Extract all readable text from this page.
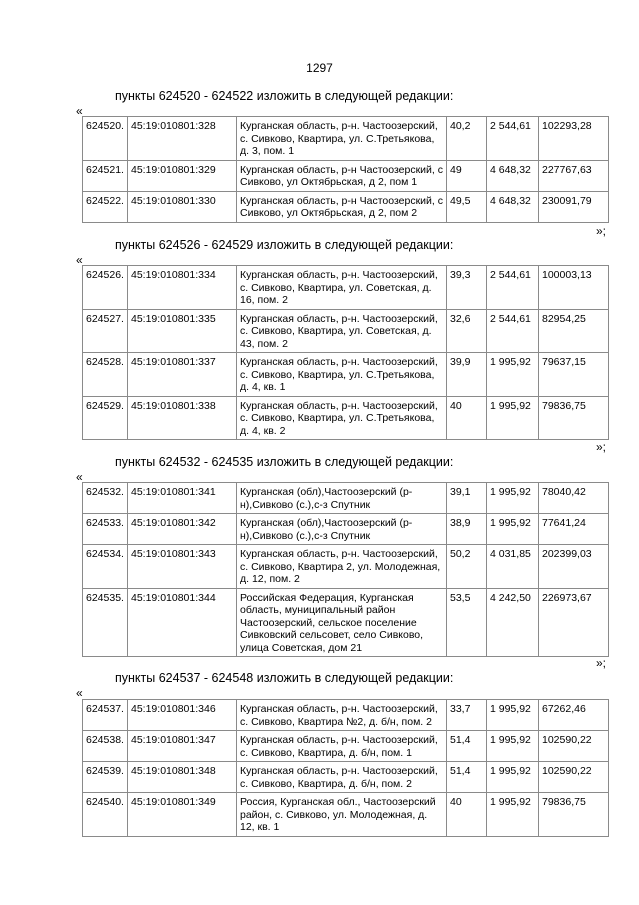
1297
пункты 624520 - 624522 изложить в следующей редакции:
«
624520.	45:19:010801:328	Курганская область, р-н. Частоозерский, с. Сивково, Квартира, ул. С.Третьякова, д. 3, пом. 1	40,2	2 544,61	102293,28
624521.	45:19:010801:329	Курганская область, р-н Частоозерский, с Сивково, ул Октябрьская, д 2, пом 1	49	4 648,32	227767,63
624522.	45:19:010801:330	Курганская область, р-н Частоозерский, с Сивково, ул Октябрьская, д 2, пом 2	49,5	4 648,32	230091,79
»;
пункты 624526 - 624529 изложить в следующей редакции:
«
624526.	45:19:010801:334	Курганская область, р-н. Частоозерский, с. Сивково, Квартира, ул. Советская, д. 16, пом. 2	39,3	2 544,61	100003,13
624527.	45:19:010801:335	Курганская область, р-н. Частоозерский, с. Сивково, Квартира, ул. Советская, д. 43, пом. 2	32,6	2 544,61	82954,25
624528.	45:19:010801:337	Курганская область, р-н. Частоозерский, с. Сивково, Квартира, ул. С.Третьякова, д. 4, кв. 1	39,9	1 995,92	79637,15
624529.	45:19:010801:338	Курганская область, р-н. Частоозерский, с. Сивково, Квартира, ул. С.Третьякова, д. 4, кв. 2	40	1 995,92	79836,75
»;
пункты 624532 - 624535 изложить в следующей редакции:
«
624532.	45:19:010801:341	Курганская (обл),Частоозерский (р-н),Сивково (с.),с-з Спутник	39,1	1 995,92	78040,42
624533.	45:19:010801:342	Курганская (обл),Частоозерский (р-н),Сивково (с.),с-з Спутник	38,9	1 995,92	77641,24
624534.	45:19:010801:343	Курганская область, р-н. Частоозерский, с. Сивково, Квартира 2, ул. Молодежная, д. 12, пом. 2	50,2	4 031,85	202399,03
624535.	45:19:010801:344	Российская Федерация, Курганская область, муниципальный район Частоозерский, сельское поселение Сивковский сельсовет, село Сивково, улица Советская, дом 21	53,5	4 242,50	226973,67
»;
пункты 624537 - 624548 изложить в следующей редакции:
«
624537.	45:19:010801:346	Курганская область, р-н. Частоозерский, с. Сивково, Квартира №2, д. б/н, пом. 2	33,7	1 995,92	67262,46
624538.	45:19:010801:347	Курганская область, р-н. Частоозерский, с. Сивково, Квартира, д. б/н, пом. 1	51,4	1 995,92	102590,22
624539.	45:19:010801:348	Курганская область, р-н. Частоозерский, с. Сивково, Квартира, д. б/н, пом. 2	51,4	1 995,92	102590,22
624540.	45:19:010801:349	Россия, Курганская обл., Частоозерский район, с. Сивково, ул. Молодежная, д. 12, кв. 1	40	1 995,92	79836,75
